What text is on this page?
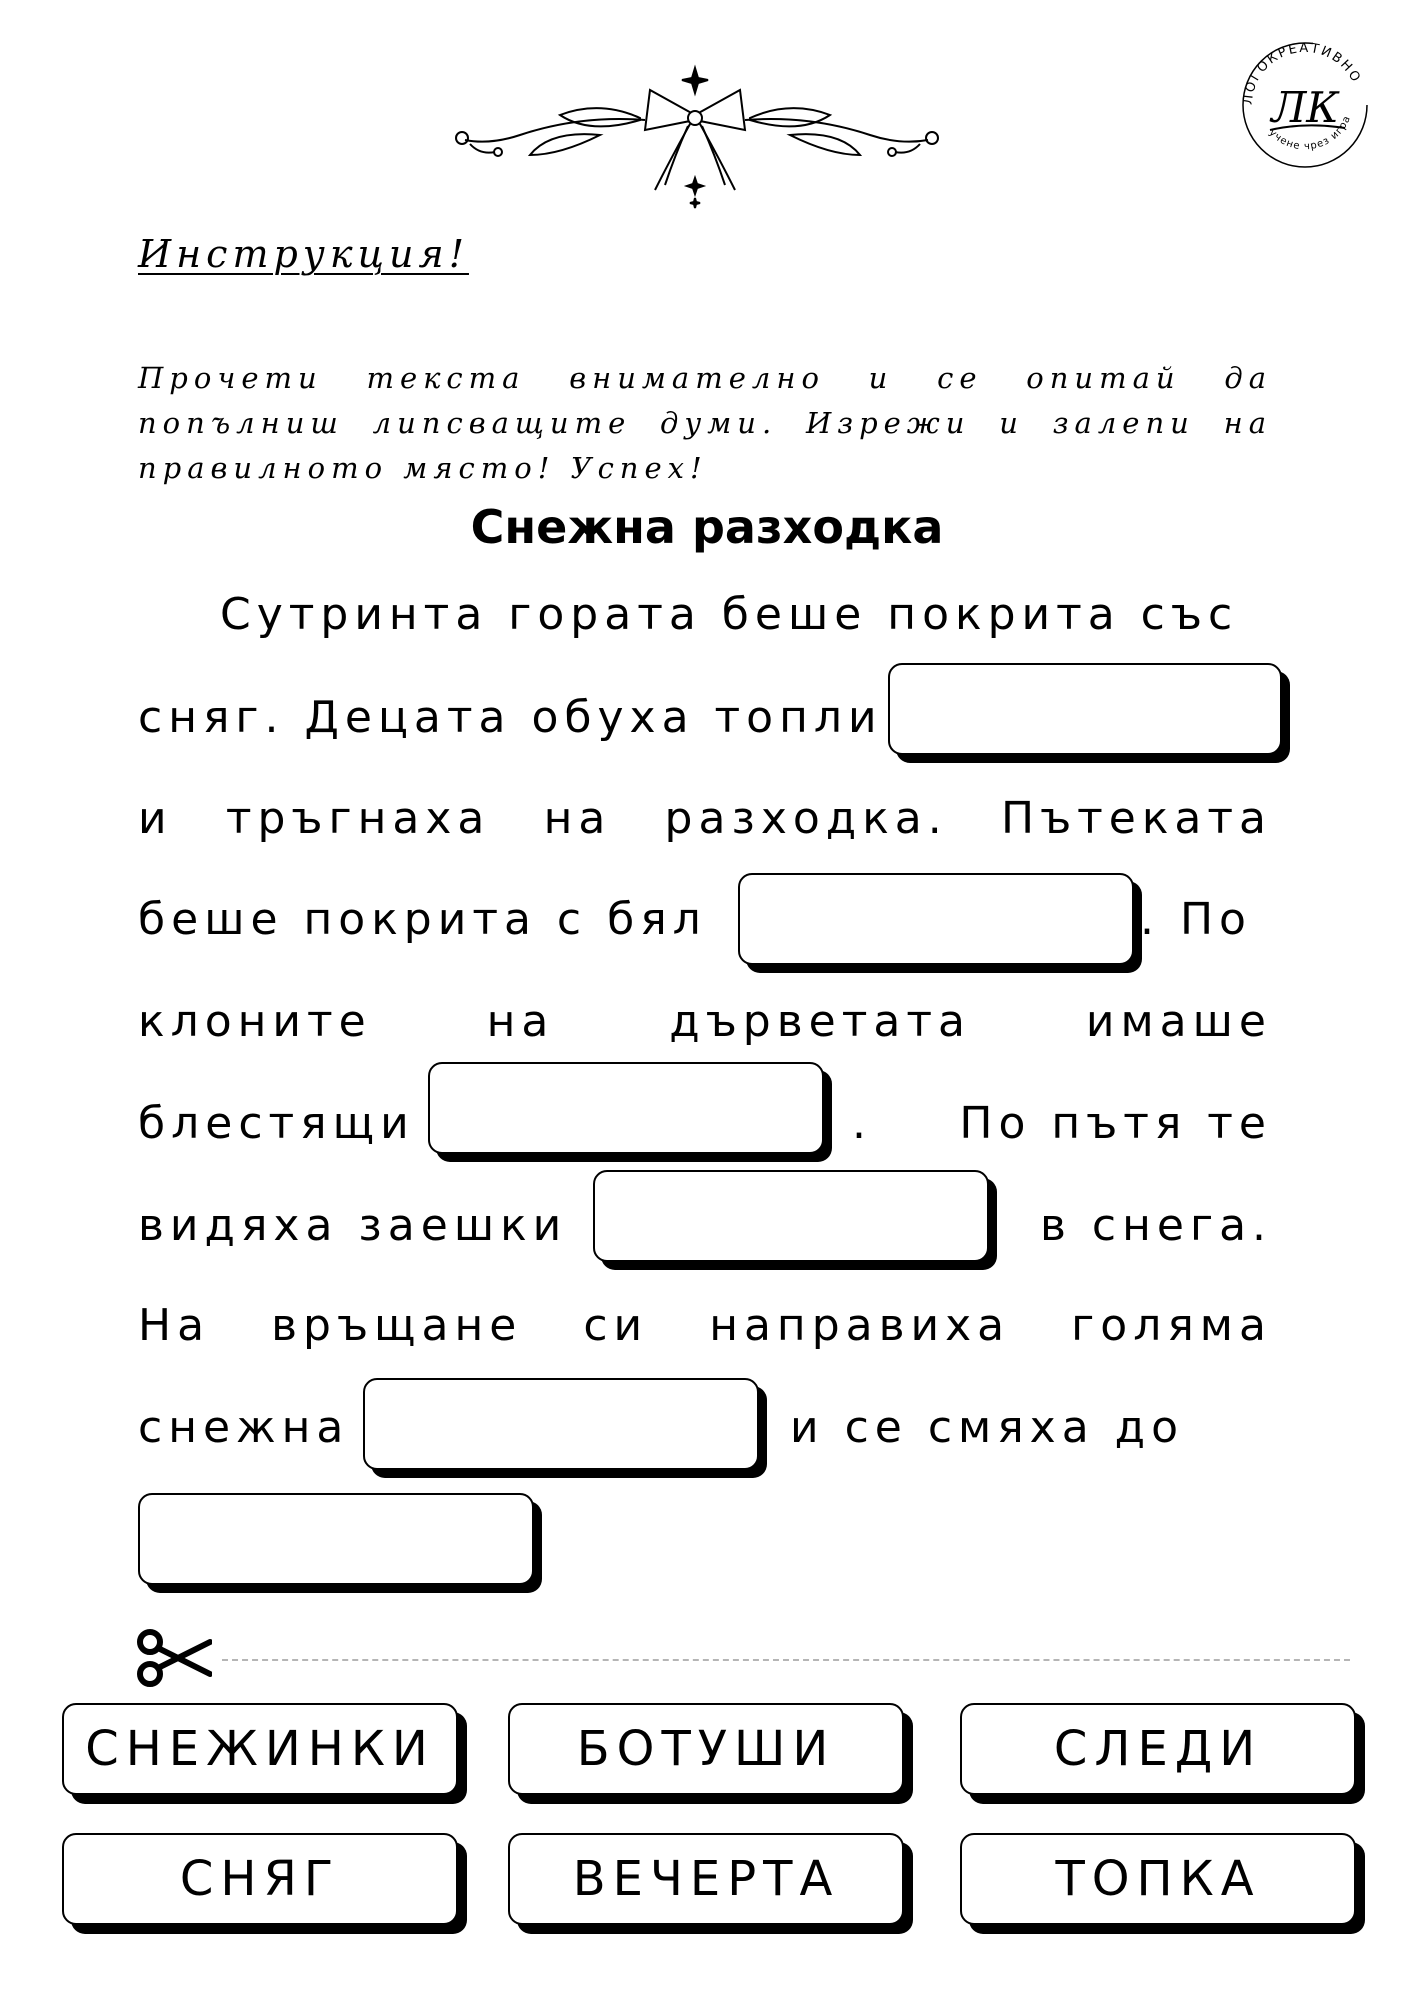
ЛОГОКРЕАТИВНО
учене чрез игра
ЛК
Инструкция!
Прочети текста внимателно и се опитай да попълниш липсващите думи. Изрежи и залепи на правилното място! Успех!
Снежна разходка
Сутринта гората беше покрита със
сняг. Децата обуха топли
и тръгнаха на разходка. Пътеката
беше покрита с бял	. По
клоните	на	дърветата	имаше
блестящи	.	По пътя те
видяха заешки	в снега.
На връщане си направиха голяма
снежна	и се смяха до
СНЕЖИНКИ	БОТУШИ	СЛЕДИ
СНЯГ	ВЕЧЕРТА	ТОПКА
